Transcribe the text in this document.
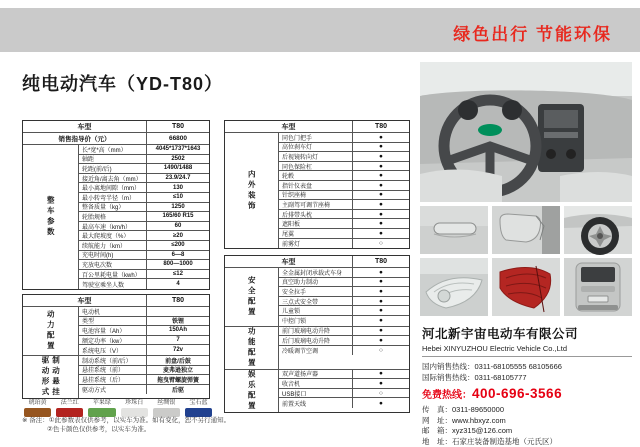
绿色出行 节能环保
纯电动汽车（YD-T80）
车型	T80
销售指导价（元）	66800
整车参数
长*宽*高（mm）	4045*1737*1643
轴距	2502
轮距(前/后)	1490/1488
接近角/离去角（mm）	23.9/24.7
最小离地间隙（mm）	130
最小转弯半径（m）	≤10
整备质量（kg）	1250
轮胎规格	165/60 R15
最高车速（km/h）	60
最大爬坡度（%）	≥20
续航能力（km）	≤200
充电时间(h)	6—8
充放电次数	800—1000
百公里耗电量（kwh）	≤12
驾驶室乘坐人数	4
车型	T80
动力配置	电动机
类型	铁锂
电池容量（Ah）	150Ah
额定功率（kw）	7
系统电压（V）	72v
驱动形式 制动悬挂	制动系统（前/后）	前盘/后鼓
悬挂系统（前）	麦弗逊独立
悬挂系统（后）	拖曳臂螺旋弹簧
驱动方式	后驱
车型	T80
内外装饰
同色门把手	●
高位刹车灯	●
后视镜转向灯	●
同色保险杠	●
轮毂	●
指针仪表盘	●
针织座椅	●
主副驾可调节座椅	●
后排带头枕	●
遮阳板	●
尾翼	●
前雾灯	○
车型	T80
安全配置
全金属封闭承载式车身	●
真空助力制动	●
安全拉手	●
三点式安全带	●
儿童锁	●
中控门锁	●
功能配置	前门玻璃电动升降	●
后门玻璃电动升降	●
冷暖调节空调	○
娱乐配置	双声道扬声器	●
收音机	●
USB接口	○
前置天线	●
琥珀黄	法兰红	苹果绿	珍珠白	丝绸银	宝石蓝
※ 备注：①此参数表仅供参考，以实车为准。如有变化，恕不另行通知。
②色卡颜色仅供参考，以实车为准。
河北新宇宙电动车有限公司
Hebei XINYUZHOU Electric Vehicle Co.,Ltd
国内销售热线：0311-68105555 68105666
国际销售热线：0311-68105777
免费热线：400-696-3566
传　真：0311-89650000
网　址：www.hbxyz.com
邮　箱：xyz315@126.com
地　址：石家庄装备制造基地（元氏区）
